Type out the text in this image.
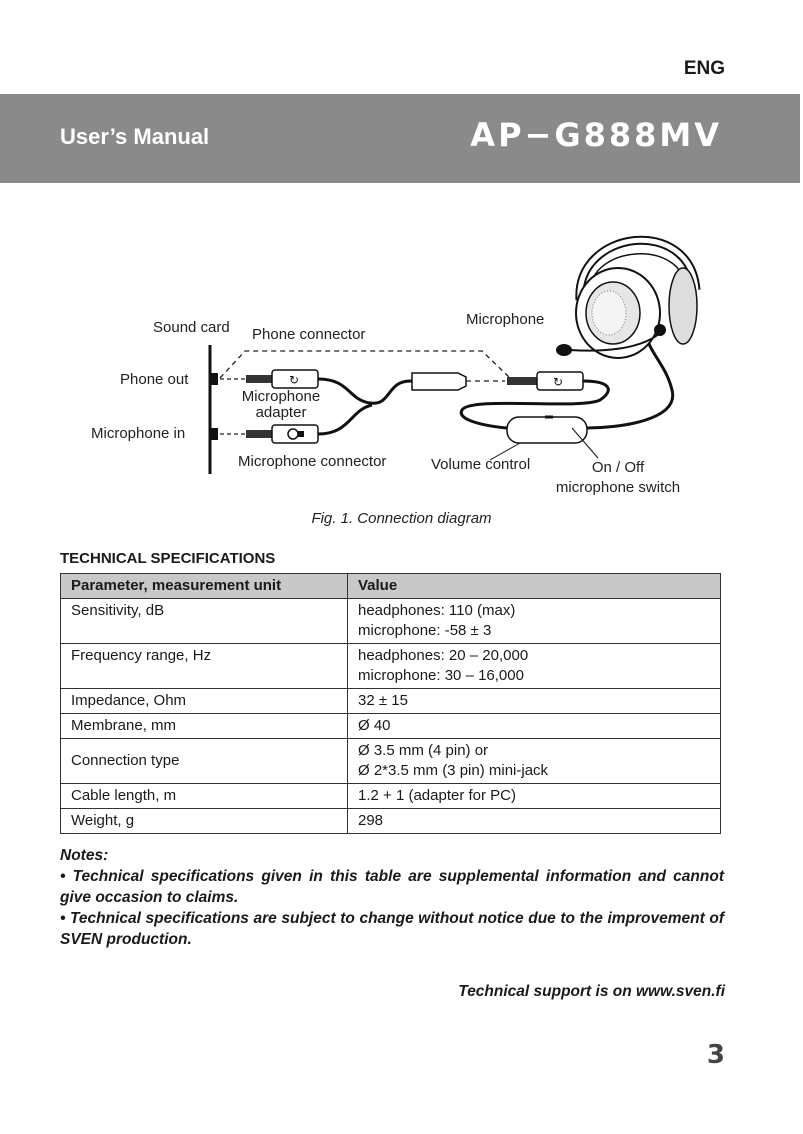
ENG
User’s Manual	AP−G888MV
↻	↻
Sound card Phone connector
Microphone
Phone out
Microphone
adapter
Microphone in
Microphone connector	Volume control	On / Off
microphone switch
Fig. 1. Connection diagram
TECHNICAL SPECIFICATIONS
Parameter, measurement unit	Value
Sensitivity, dB	headphones: 110 (max)
microphone: -58 ± 3

Frequency range, Hz	headphones: 20 – 20,000
microphone: 30 – 16,000

Impedance, Ohm	32 ± 15

Membrane, mm	Ø 40

Connection type	Ø 3.5 mm (4 pin) or
Ø 2*3.5 mm (3 pin) mini-jack

Cable length, m	1.2 + 1 (adapter for PC)

Weight, g	298
Notes:
• Technical specifications given in this table are supplemental information and cannot give occasion to claims.
• Technical specifications are subject to change without notice due to the improvement of SVEN production.
Technical support is on www.sven.fi
3
